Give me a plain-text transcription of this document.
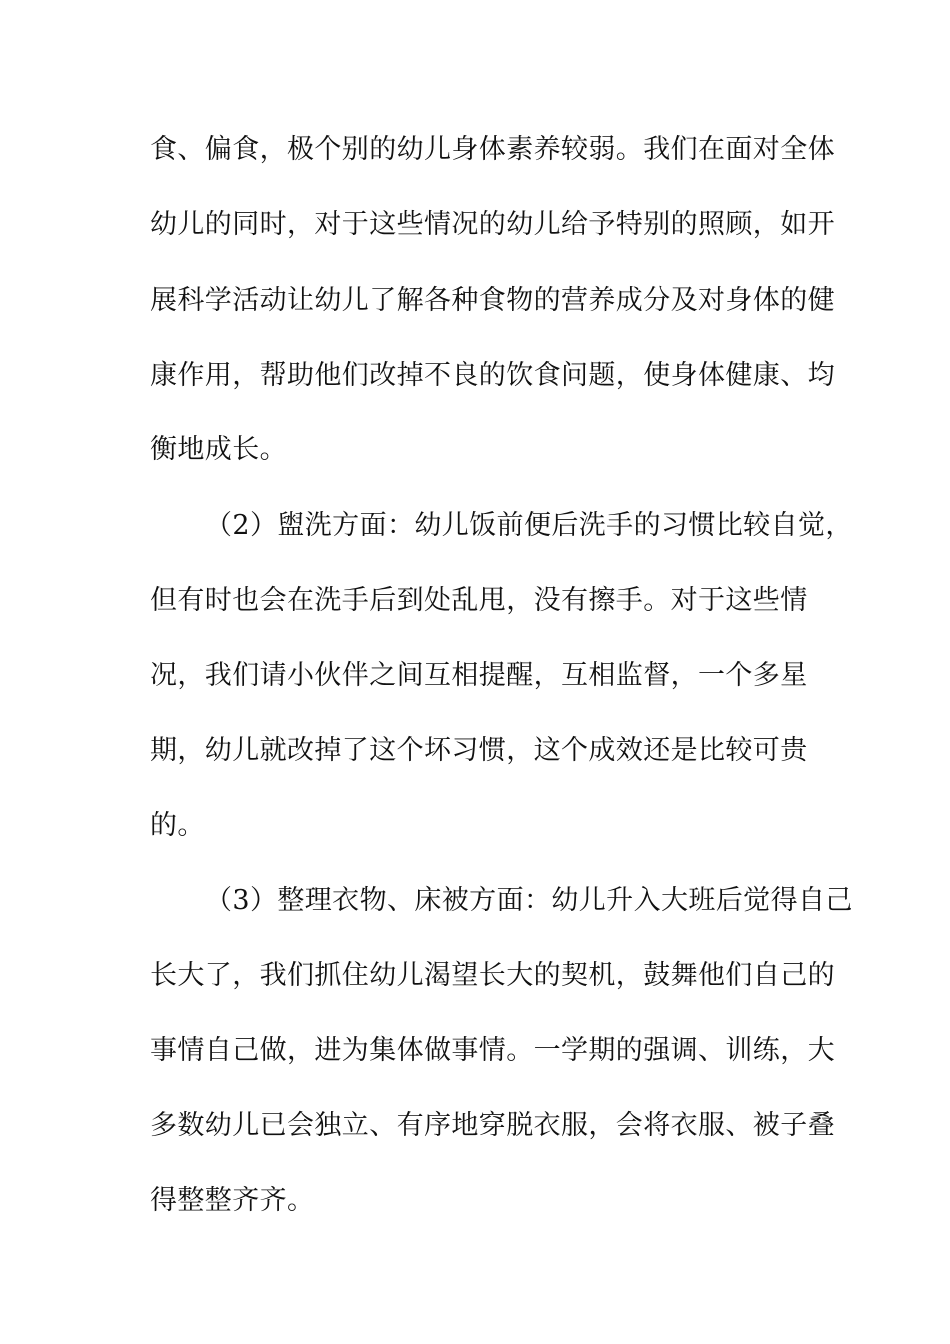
食、偏食，极个别的幼儿身体素养较弱。我们在面对全体
幼儿的同时，对于这些情况的幼儿给予特别的照顾，如开
展科学活动让幼儿了解各种食物的营养成分及对身体的健
康作用，帮助他们改掉不良的饮食问题，使身体健康、均
衡地成长。
（2）盥洗方面：幼儿饭前便后洗手的习惯比较自觉，
但有时也会在洗手后到处乱甩，没有擦手。对于这些情
况，我们请小伙伴之间互相提醒，互相监督，一个多星
期，幼儿就改掉了这个坏习惯，这个成效还是比较可贵
的。
（3）整理衣物、床被方面：幼儿升入大班后觉得自己
长大了，我们抓住幼儿渴望长大的契机，鼓舞他们自己的
事情自己做，进为集体做事情。一学期的强调、训练，大
多数幼儿已会独立、有序地穿脱衣服，会将衣服、被子叠
得整整齐齐。
